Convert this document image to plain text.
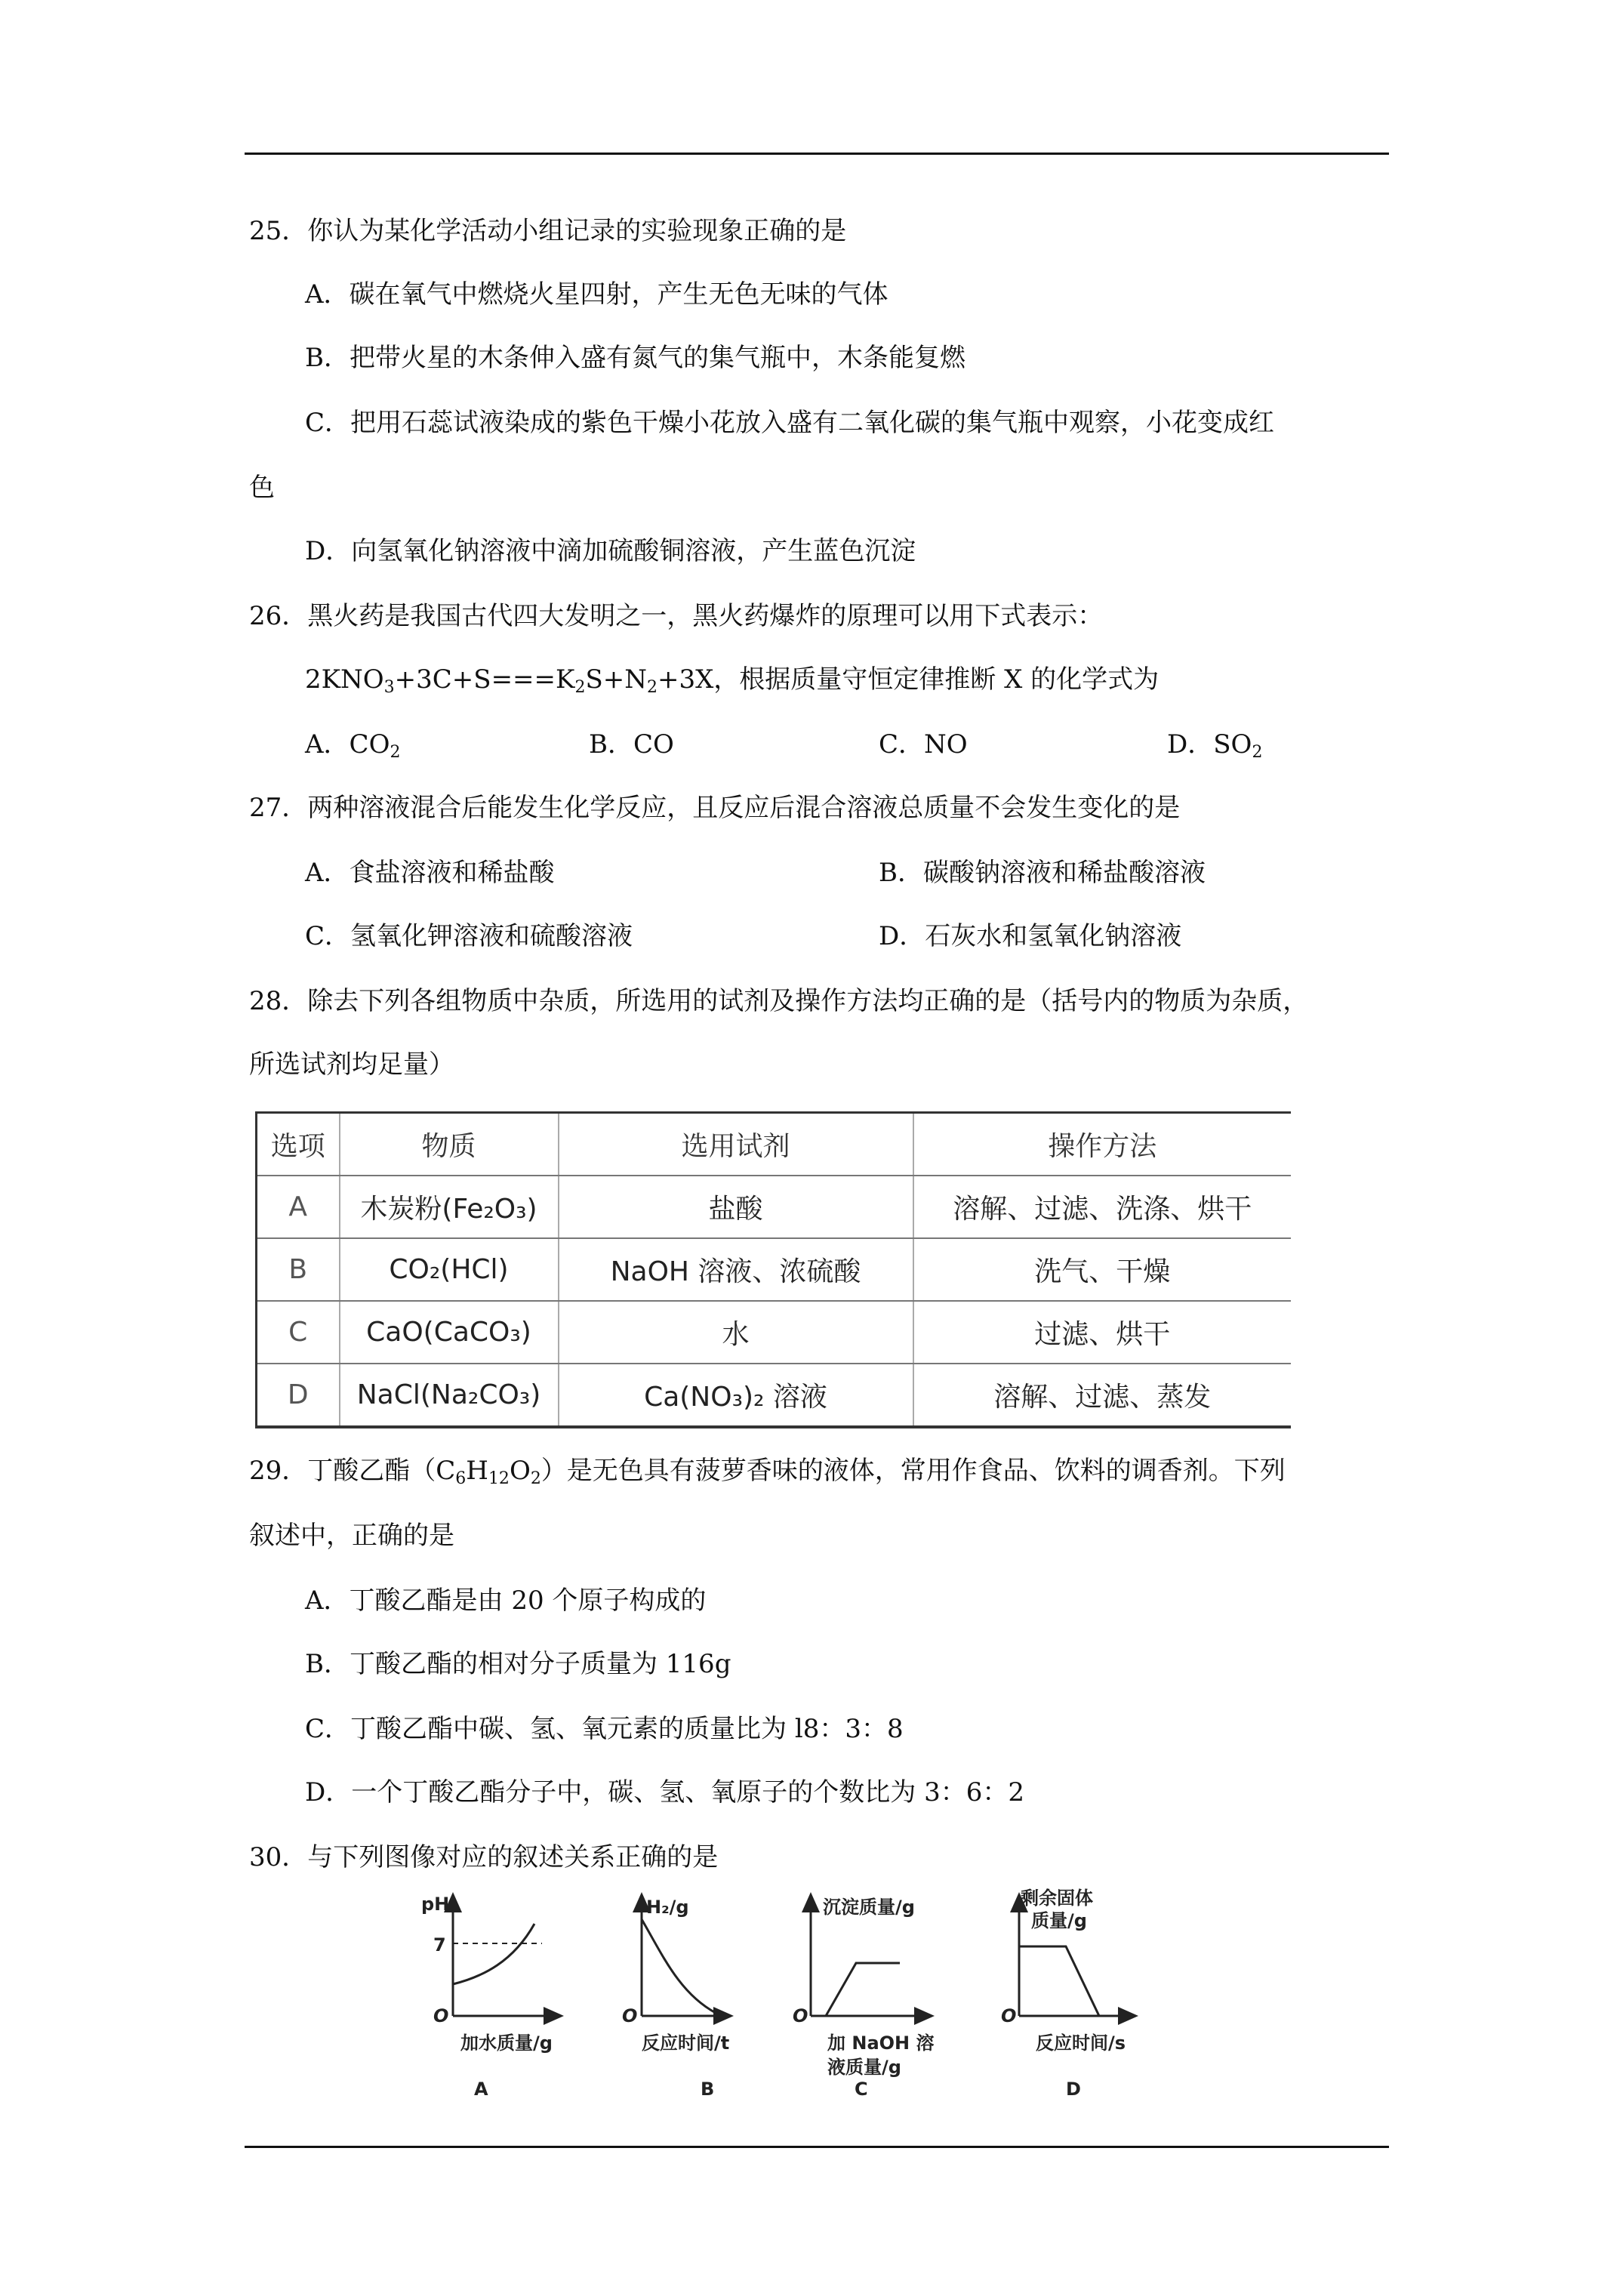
25．你认为某化学活动小组记录的实验现象正确的是
A．碳在氧气中燃烧火星四射，产生无色无味的气体
B．把带火星的木条伸入盛有氮气的集气瓶中，木条能复燃
C．把用石蕊试液染成的紫色干燥小花放入盛有二氧化碳的集气瓶中观察，小花变成红
色
D．向氢氧化钠溶液中滴加硫酸铜溶液，产生蓝色沉淀
26．黑火药是我国古代四大发明之一，黑火药爆炸的原理可以用下式表示：
$2KNO_3+3C+S===K_2S+N_2+3X$，根据质量守恒定律推断 X 的化学式为
A．$CO_2$	B．CO	C．NO	D．$SO_2$
27．两种溶液混合后能发生化学反应，且反应后混合溶液总质量不会发生变化的是
A．食盐溶液和稀盐酸	B．碳酸钠溶液和稀盐酸溶液
C．氢氧化钾溶液和硫酸溶液	D．石灰水和氢氧化钠溶液
28．除去下列各组物质中杂质，所选用的试剂及操作方法均正确的是（括号内的物质为杂质，
所选试剂均足量）
选项	物质	选用试剂	操作方法
A	木炭粉(Fe₂O₃)	盐酸	溶解、过滤、洗涤、烘干
B	CO₂(HCl)	NaOH 溶液、浓硫酸	洗气、干燥
C	CaO(CaCO₃)	水	过滤、烘干
D	NaCl(Na₂CO₃)	Ca(NO₃)₂ 溶液	溶解、过滤、蒸发
29．丁酸乙酯$(C_6H_{12}O_2)$是无色具有菠萝香味的液体，常用作食品、饮料的调香剂。下列
叙述中，正确的是
A．丁酸乙酯是由 20 个原子构成的
B．丁酸乙酯的相对分子质量为 116g
C．丁酸乙酯中碳、氢、氧元素的质量比为 l8：3：8
D．一个丁酸乙酯分子中，碳、氢、氧原子的个数比为 3：6：2
30．与下列图像对应的叙述关系正确的是
pH
7
O
加水质量/g
A
H₂/g
O
反应时间/t
B
沉淀质量/g
O
加 NaOH 溶
液质量/g
C
剩余固体
质量/g
O
反应时间/s
D
